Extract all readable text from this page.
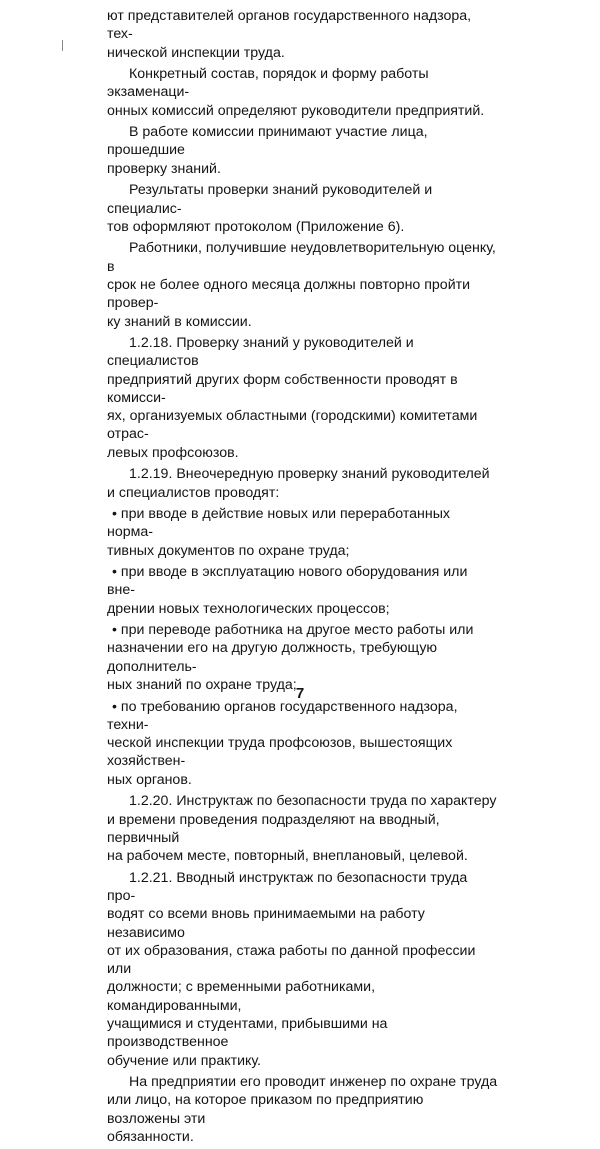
ют представителей органов государственного надзора, тех-
нической инспекции труда.

Конкретный состав, порядок и форму работы экзаменаци-
онных комиссий определяют руководители предприятий.

В работе комиссии принимают участие лица, прошедшие
проверку знаний.

Результаты проверки знаний руководителей и специалис-
тов оформляют протоколом (Приложение 6).

Работники, получившие неудовлетворительную оценку, в
срок не более одного месяца должны повторно пройти провер-
ку знаний в комиссии.

1.2.18. Проверку знаний у руководителей и специалистов
предприятий других форм собственности проводят в комисси-
ях, организуемых областными (городскими) комитетами отрас-
левых профсоюзов.

1.2.19. Внеочередную проверку знаний руководителей
и специалистов проводят:

• при вводе в действие новых или переработанных норма-
тивных документов по охране труда;

• при вводе в эксплуатацию нового оборудования или вне-
дрении новых технологических процессов;

• при переводе работника на другое место работы или
назначении его на другую должность, требующую дополнитель-
ных знаний по охране труда;

• по требованию органов государственного надзора, техни-
ческой инспекции труда профсоюзов, вышестоящих хозяйствен-
ных органов.

1.2.20. Инструктаж по безопасности труда по характеру
и времени проведения подразделяют на вводный, первичный
на рабочем месте, повторный, внеплановый, целевой.

1.2.21. Вводный инструктаж по безопасности труда про-
водят со всеми вновь принимаемыми на работу независимо
от их образования, стажа работы по данной профессии или
должности; с временными работниками, командированными,
учащимися и студентами, прибывшими на производственное
обучение или практику.

На предприятии его проводит инженер по охране труда
или лицо, на которое приказом по предприятию возложены эти
обязанности.

7
